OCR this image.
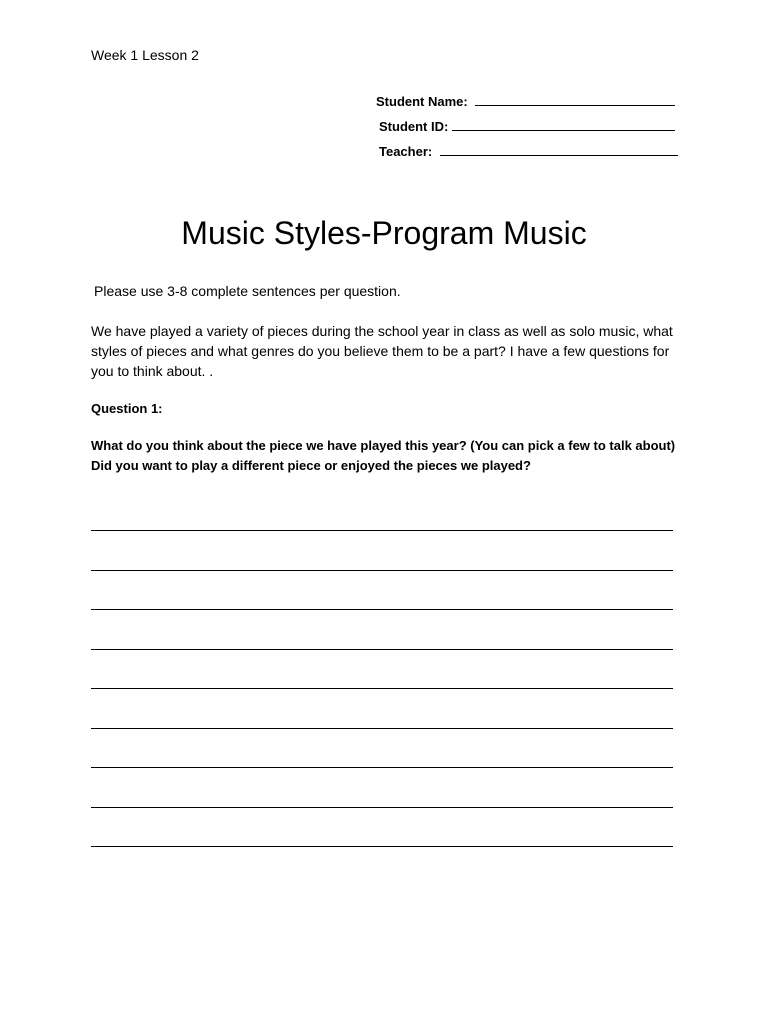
Week 1 Lesson 2
Student Name:
Student ID:
Teacher:
Music Styles-Program Music
Please use 3-8 complete sentences per question.
We have played a variety of pieces during the school year in class as well as solo music, what styles of pieces and what genres do you believe them to be a part? I have a few questions for you to think about. .
Question 1:
What do you think about the piece we have played this year? (You can pick a few to talk about) Did you want to play a different piece or enjoyed the pieces we played?
